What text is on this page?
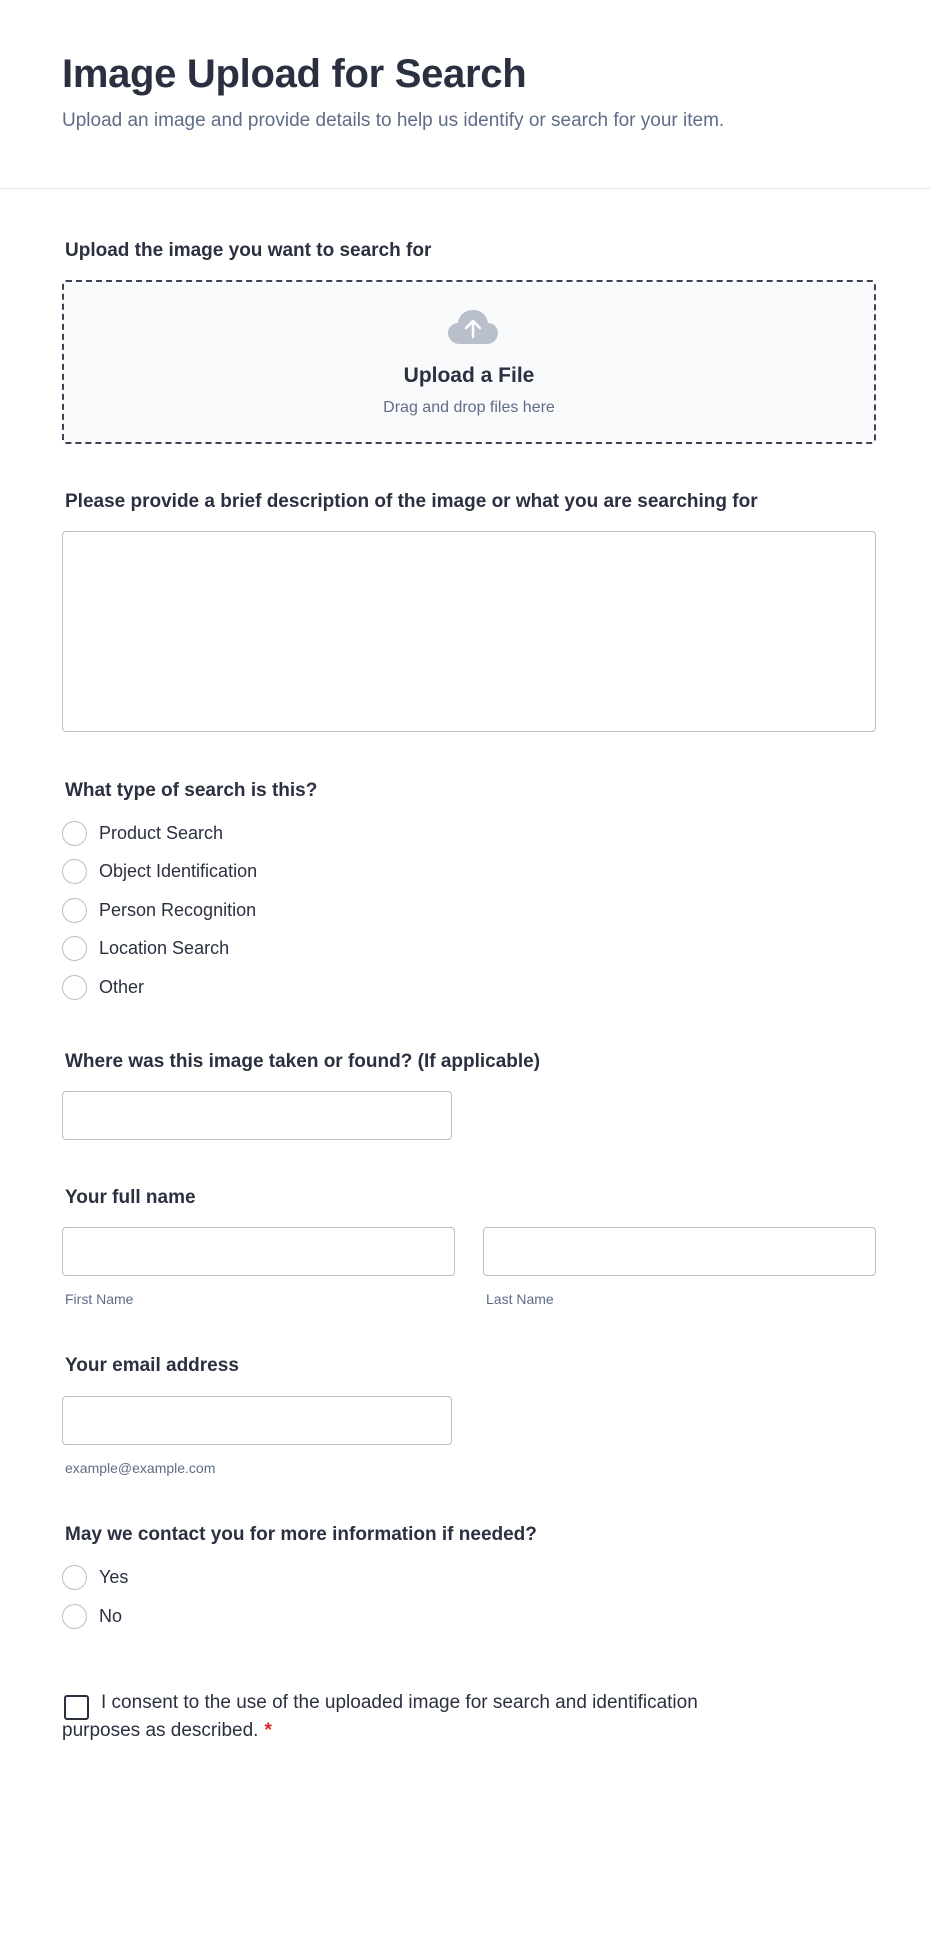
Image Upload for Search

Upload an image and provide details to help us identify or search for your item.

Upload the image you want to search for
Upload a File
Drag and drop files here
Please provide a brief description of the image or what you are searching for
What type of search is this?
Product Search
Object Identification
Person Recognition
Location Search
Other
Where was this image taken or found? (If applicable)
Your full name
First Name	Last Name
Your email address
example@example.com
May we contact you for more information if needed?
Yes
No
I consent to the use of the uploaded image for search and identification
purposes as described. *
